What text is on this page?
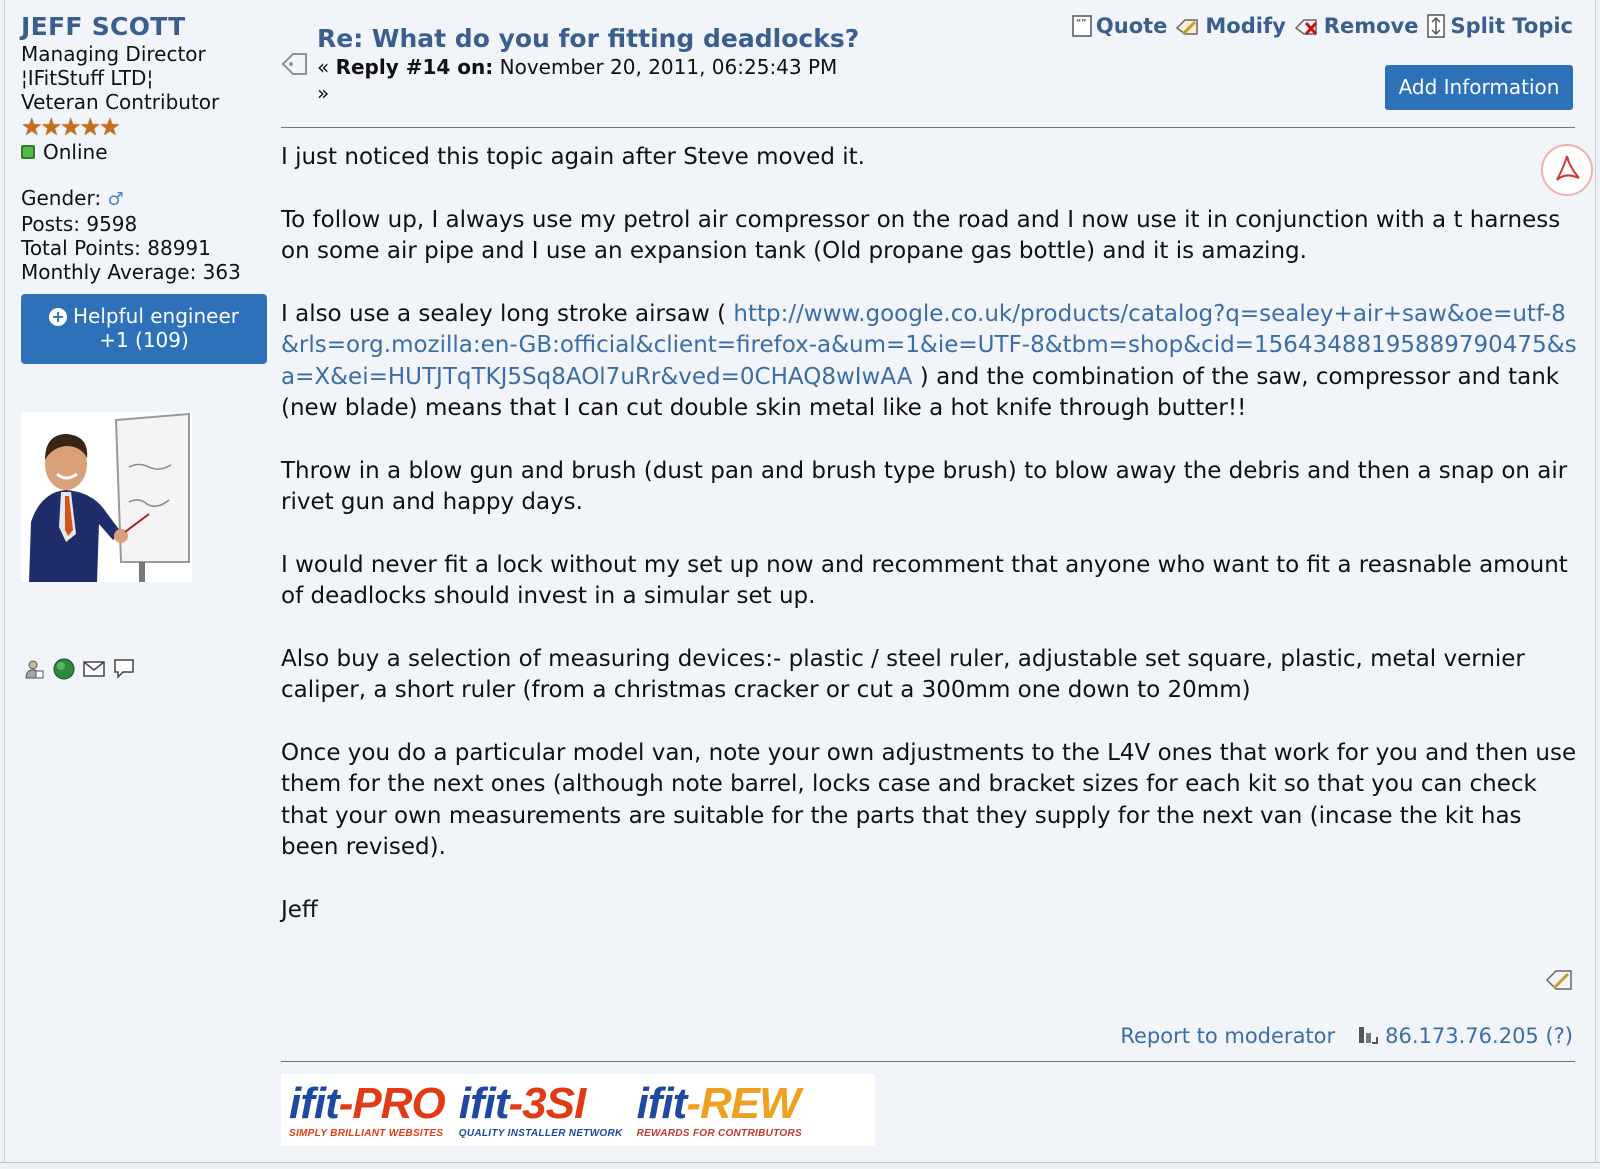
JEFF SCOTT
Managing Director
¦IFitStuff LTD¦
Veteran Contributor
★★★★★
Online
Gender: ♂
Posts: 9598
Total Points: 88991
Monthly Average: 363
+ Helpful engineer
+1 (109)
Re: What do you for fitting deadlocks?
« Reply #14 on: November 20, 2011, 06:25:43 PM
»
“” Quote Modify Remove Split Topic
Add Information

I just noticed this topic again after Steve moved it.

To follow up, I always use my petrol air compressor on the road and I now use it in conjunction with a t harness on some air pipe and I use an expansion tank (Old propane gas bottle) and it is amazing.

I also use a sealey long stroke airsaw ( http://www.google.co.uk/products/catalog?q=sealey+air+saw&oe=utf-8&rls=org.mozilla:en-GB:official&client=firefox-a&um=1&ie=UTF-8&tbm=shop&cid=15643488195889790475&sa=X&ei=HUTJTqTKJ5Sq8AOl7uRr&ved=0CHAQ8wIwAA ) and the combination of the saw, compressor and tank (new blade) means that I can cut double skin metal like a hot knife through butter!!

Throw in a blow gun and brush (dust pan and brush type brush) to blow away the debris and then a snap on air rivet gun and happy days.

I would never fit a lock without my set up now and recomment that anyone who want to fit a reasnable amount of deadlocks should invest in a simular set up.

Also buy a selection of measuring devices:- plastic / steel ruler, adjustable set square, plastic, metal vernier caliper, a short ruler (from a christmas cracker or cut a 300mm one down to 20mm)

Once you do a particular model van, note your own adjustments to the L4V ones that work for you and then use them for the next ones (although note barrel, locks case and bracket sizes for each kit so that you can check that your own measurements are suitable for the parts that they supply for the next van (incase the kit has been revised).

Jeff

Report to moderator 86.173.76.205 (?)
ifit-PRO
SIMPLY BRILLIANT WEBSITES
ifit-3SI
QUALITY INSTALLER NETWORK
ifit-REW
REWARDS FOR CONTRIBUTORS
